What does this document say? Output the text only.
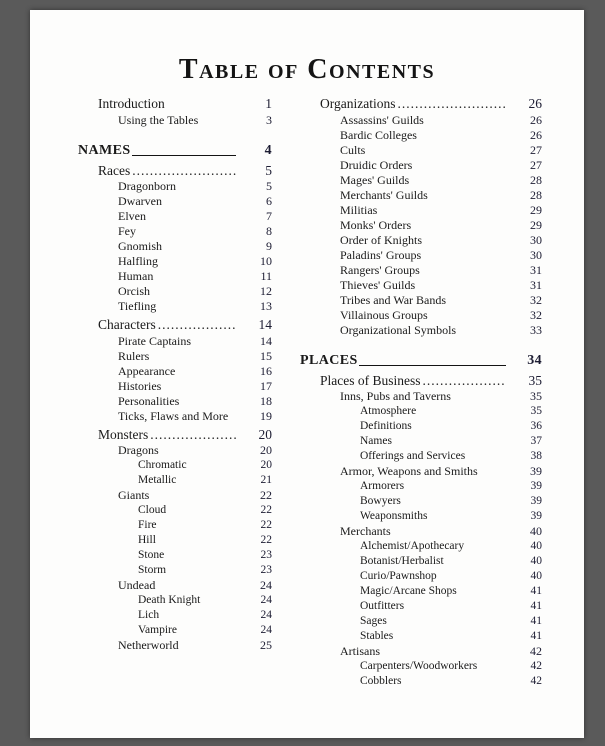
Table of Contents
Introduction	1
Using the Tables	3
NAMES	4
Races .....	5
Dragonborn	5
Dwarven	6
Elven	7
Fey	8
Gnomish	9
Halfling	10
Human	11
Orcish	12
Tiefling	13
Characters .....	14
Pirate Captains	14
Rulers	15
Appearance	16
Histories	17
Personalities	18
Ticks, Flaws and More	19
Monsters .....	20
Dragons	20
Chromatic	20
Metallic	21
Giants	22
Cloud	22
Fire	22
Hill	22
Stone	23
Storm	23
Undead	24
Death Knight	24
Lich	24
Vampire	24
Netherworld	25
Organizations .....	26
Assassins' Guilds	26
Bardic Colleges	26
Cults	27
Druidic Orders	27
Mages' Guilds	28
Merchants' Guilds	28
Militias	29
Monks' Orders	29
Order of Knights	30
Paladins' Groups	30
Rangers' Groups	31
Thieves' Guilds	31
Tribes and War Bands	32
Villainous Groups	32
Organizational Symbols	33
PLACES	34
Places of Business .....	35
Inns, Pubs and Taverns	35
Atmosphere	35
Definitions	36
Names	37
Offerings and Services	38
Armor, Weapons and Smiths	39
Armorers	39
Bowyers	39
Weaponsmiths	39
Merchants	40
Alchemist/Apothecary	40
Botanist/Herbalist	40
Curio/Pawnshop	40
Magic/Arcane Shops	41
Outfitters	41
Sages	41
Stables	41
Artisans	42
Carpenters/Woodworkers	42
Cobblers	42
